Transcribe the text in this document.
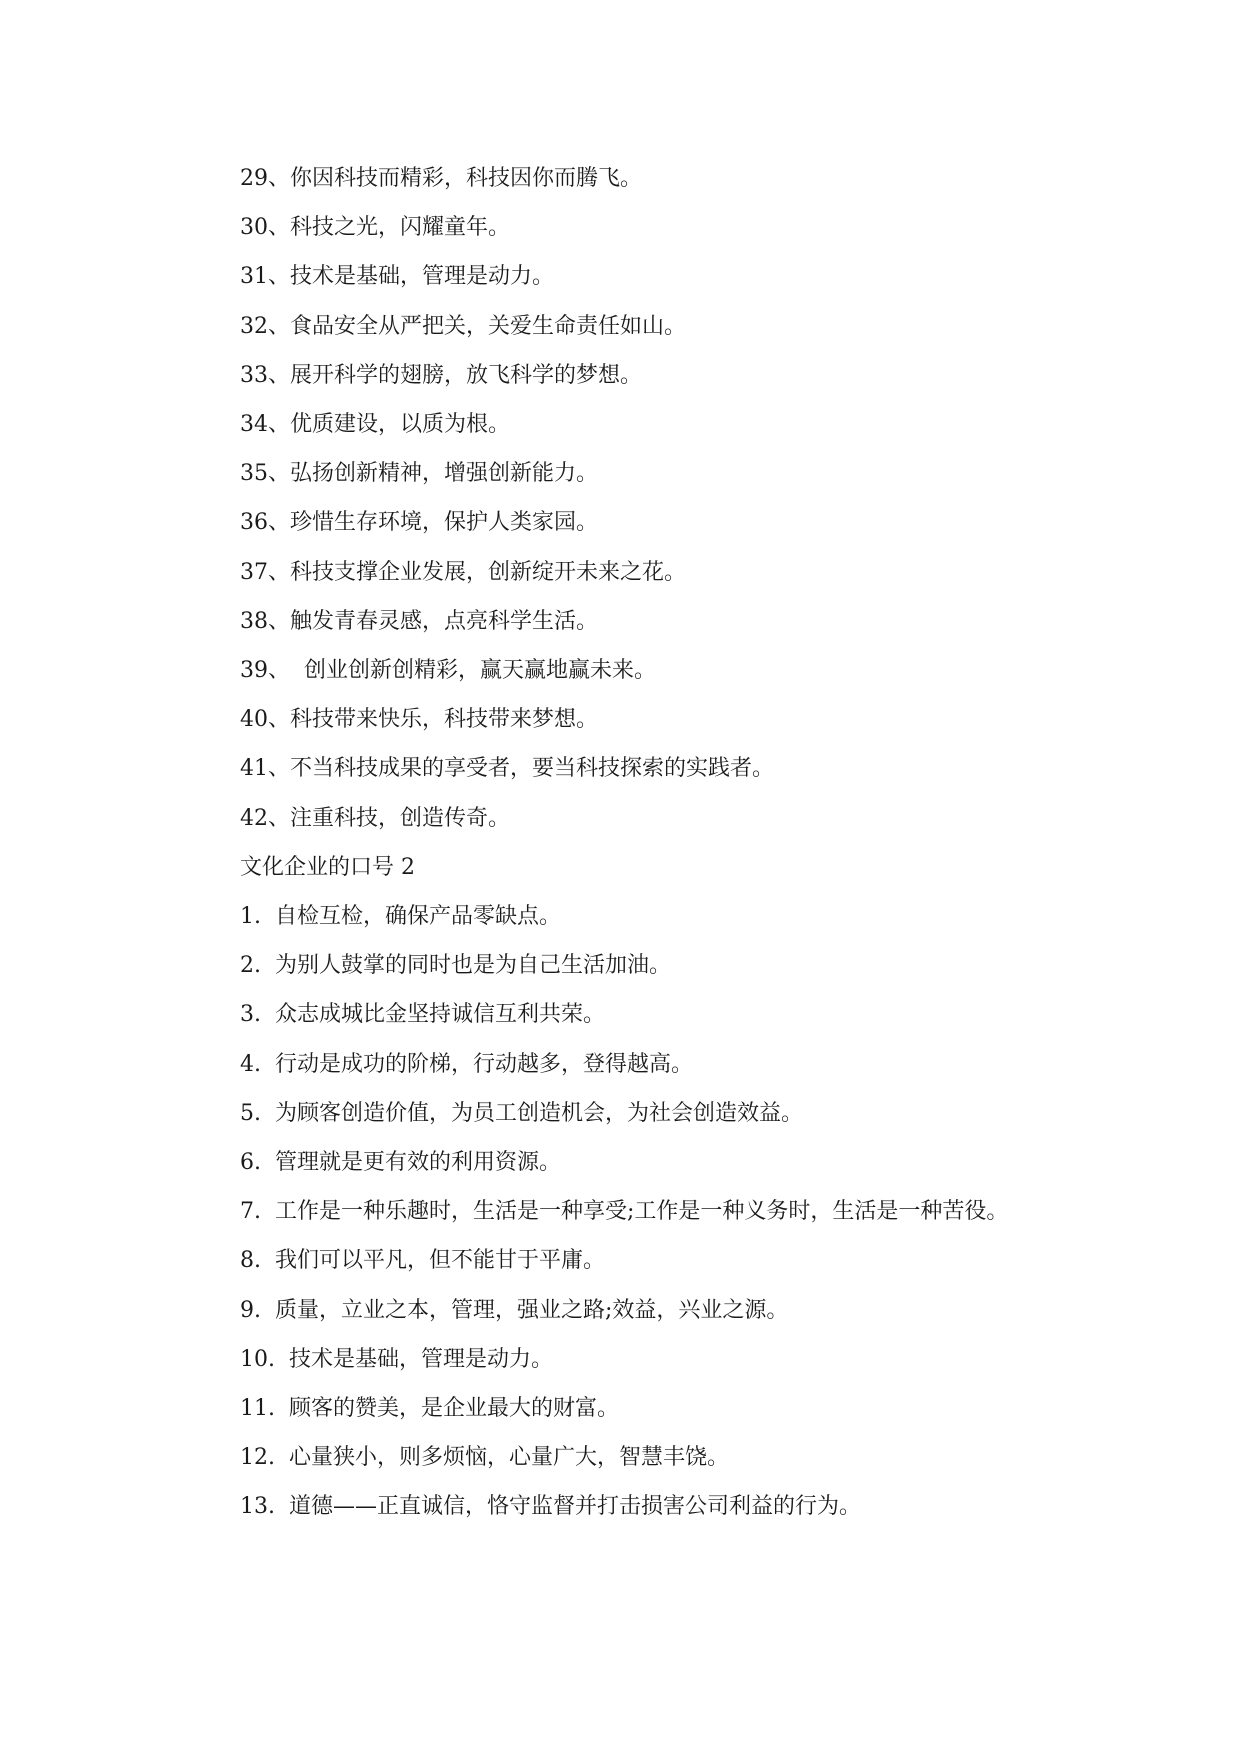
29、你因科技而精彩，科技因你而腾飞。
30、科技之光，闪耀童年。
31、技术是基础，管理是动力。
32、食品安全从严把关，关爱生命责任如山。
33、展开科学的翅膀，放飞科学的梦想。
34、优质建设，以质为根。
35、弘扬创新精神，增强创新能力。
36、珍惜生存环境，保护人类家园。
37、科技支撑企业发展，创新绽开未来之花。
38、触发青春灵感，点亮科学生活。
39、  创业创新创精彩，赢天赢地赢未来。
40、科技带来快乐，科技带来梦想。
41、不当科技成果的享受者，要当科技探索的实践者。
42、注重科技，创造传奇。
文化企业的口号 2
1.  自检互检，确保产品零缺点。
2.  为别人鼓掌的同时也是为自己生活加油。
3.  众志成城比金坚持诚信互利共荣。
4.  行动是成功的阶梯，行动越多，登得越高。
5.  为顾客创造价值，为员工创造机会，为社会创造效益。
6.  管理就是更有效的利用资源。
7.  工作是一种乐趣时，生活是一种享受;工作是一种义务时，生活是一种苦役。
8.  我们可以平凡，但不能甘于平庸。
9.  质量，立业之本，管理，强业之路;效益，兴业之源。
10.  技术是基础，管理是动力。
11.  顾客的赞美，是企业最大的财富。
12.  心量狭小，则多烦恼，心量广大，智慧丰饶。
13.  道德——正直诚信，恪守监督并打击损害公司利益的行为。
